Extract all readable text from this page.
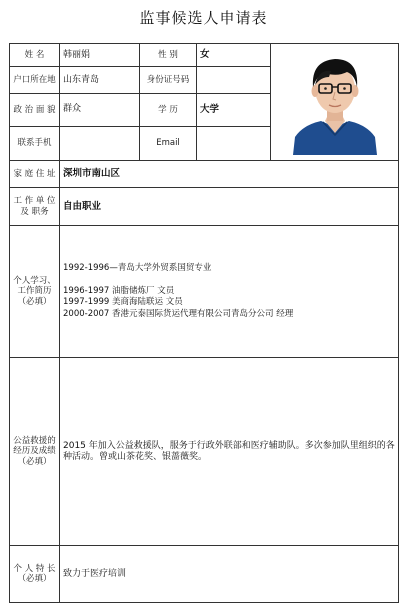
监事候选人申请表
姓 名	韩丽娟	性 别	女	
户口所在地	山东青岛	身份证号码		
政 治 面 貌	群众	学 历	大学	
联系手机		Email		
家 庭 住 址	深圳市南山区			
工 作 单 位及 职务	自由职业			
个人学习、工作简历（必填）	1992-1996—青岛大学外贸系国贸专业
1996-1997 油脂储炼厂 文员
1997-1999 美商海陆联运 文员
2000-2007 香港元泰国际货运代理有限公司青岛分公司 经理			

公益救援的经历及成绩（必填）	2015 年加入公益救援队，服务于行政外联部和医疗辅助队。多次参加队里组织的各种活动。曾或山茶花奖、银蔷薇奖。			
个 人 特 长 （必填）	致力于医疗培训			
